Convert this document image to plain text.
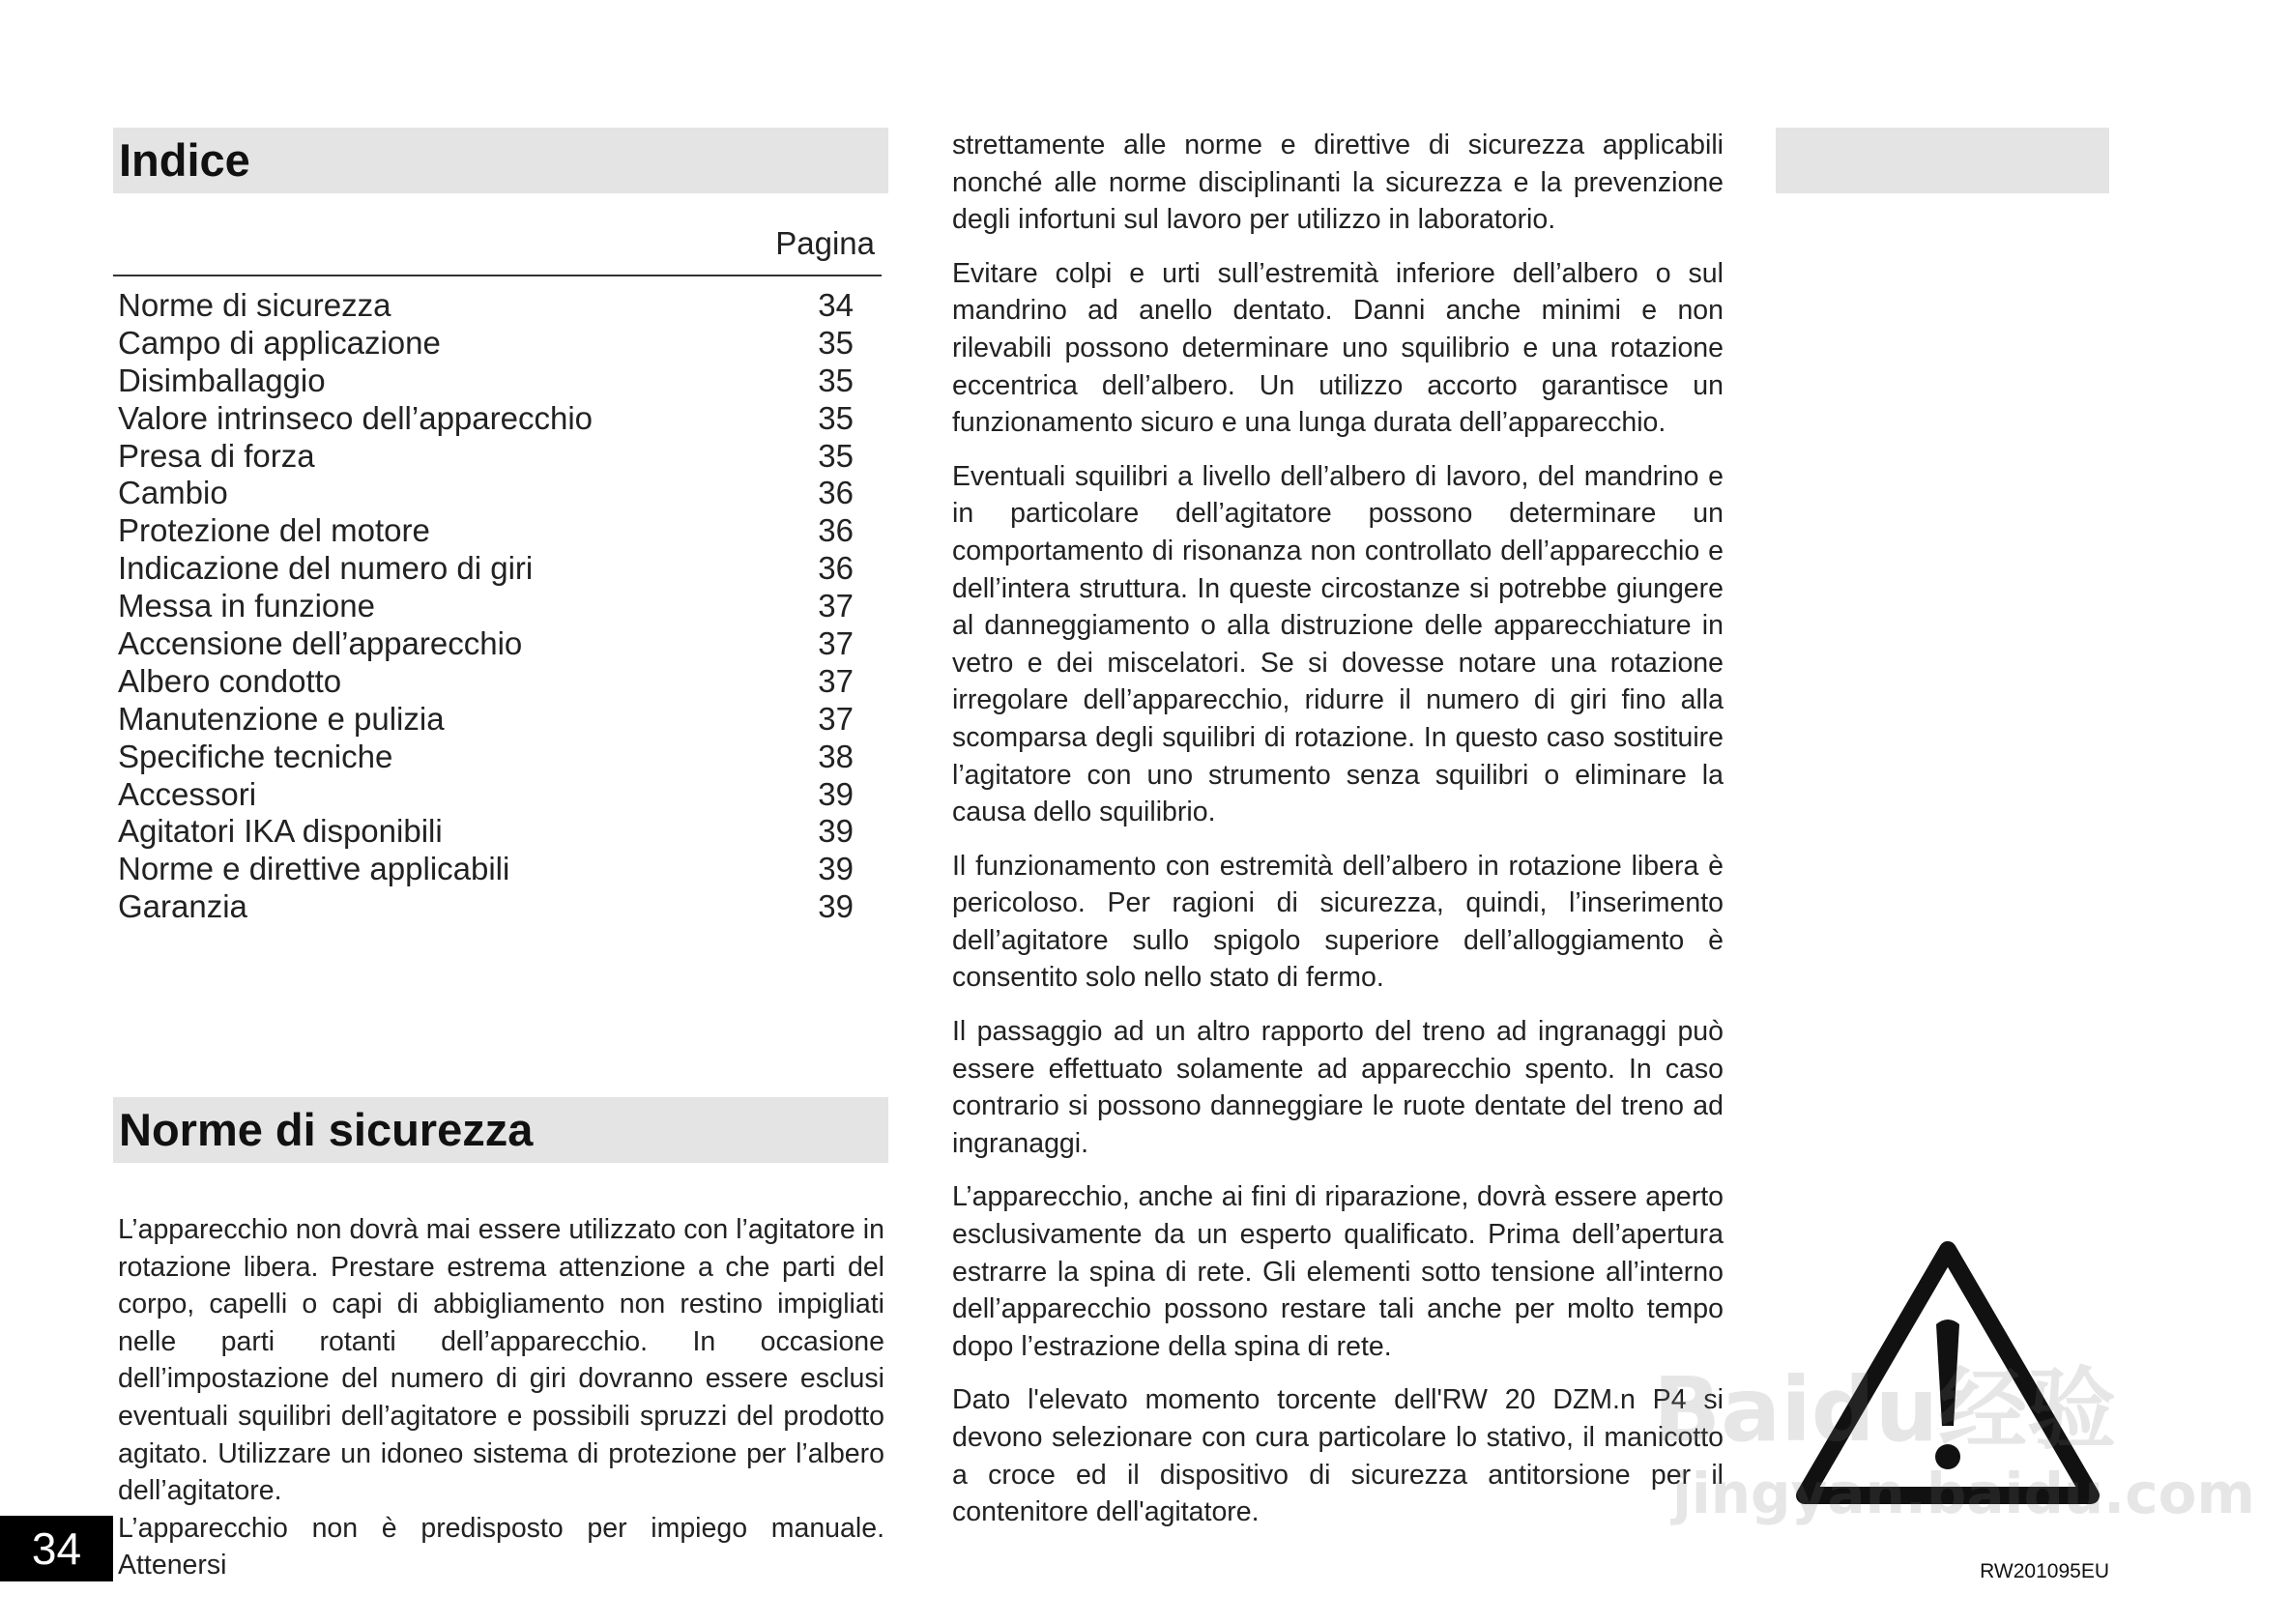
Indice
Pagina
Norme di sicurezza	34
Campo di applicazione	35
Disimballaggio	35
Valore intrinseco dell’apparecchio	35
Presa di forza	35
Cambio	36
Protezione del motore	36
Indicazione del numero di giri	36
Messa in funzione	37
Accensione dell’apparecchio	37
Albero condotto	37
Manutenzione e pulizia	37
Specifiche tecniche	38
Accessori	39
Agitatori IKA disponibili	39
Norme e direttive applicabili	39
Garanzia	39
Norme di sicurezza

L’apparecchio non dovrà mai essere utilizzato con l’agitatore in rotazione libera. Prestare estrema attenzione a che parti del corpo, capelli o capi di abbigliamento non restino impigliati nelle parti rotanti dell’apparecchio. In occasione dell’impostazione del numero di giri dovranno essere esclusi eventuali squilibri dell’agitatore e possibili spruzzi del prodotto agitato. Utilizzare un idoneo sistema di protezione per l’albero dell’agitatore.

L’apparecchio non è predisposto per impiego manuale. Attenersi

strettamente alle norme e direttive di sicurezza applicabili nonché alle norme disciplinanti la sicurezza e la prevenzione degli infortuni sul lavoro per utilizzo in laboratorio.

Evitare colpi e urti sull’estremità inferiore dell’albero o sul mandrino ad anello dentato. Danni anche minimi e non rilevabili possono determinare uno squilibrio e una rotazione eccentrica dell’albero. Un utilizzo accorto garantisce un funzionamento sicuro e una lunga durata dell’apparecchio.

Eventuali squilibri a livello dell’albero di lavoro, del mandrino e in particolare dell’agitatore possono determinare un comportamento di risonanza non controllato dell’apparecchio e dell’intera struttura. In queste circostanze si potrebbe giungere al danneggiamento o alla distruzione delle apparecchiature in vetro e dei miscelatori. Se si dovesse notare una rotazione irregolare dell’apparecchio, ridurre il numero di giri fino alla scomparsa degli squilibri di rotazione. In questo caso sostituire l’agitatore con uno strumento senza squilibri o eliminare la causa dello squilibrio.

Il funzionamento con estremità dell’albero in rotazione libera è pericoloso. Per ragioni di sicurezza, quindi, l’inserimento dell’agitatore sullo spigolo superiore dell’alloggiamento è consentito solo nello stato di fermo.

Il passaggio ad un altro rapporto del treno ad ingranaggi può essere effettuato solamente ad apparecchio spento. In caso contrario si possono danneggiare le ruote dentate del treno ad ingranaggi.

L’apparecchio, anche ai fini di riparazione, dovrà essere aperto esclusivamente da un esperto qualificato. Prima dell’apertura estrarre la spina di rete. Gli elementi sotto tensione all’interno dell’apparecchio possono restare tali anche per molto tempo dopo l’estrazione della spina di rete.

Dato l'elevato momento torcente dell'RW 20 DZM.n P4 si devono selezionare con cura particolare lo stativo, il manicotto a croce ed il dispositivo di sicurezza antitorsione per il contenitore dell'agitatore.

Baidu经验
jingyan.baidu.com
34	RW201095EU
